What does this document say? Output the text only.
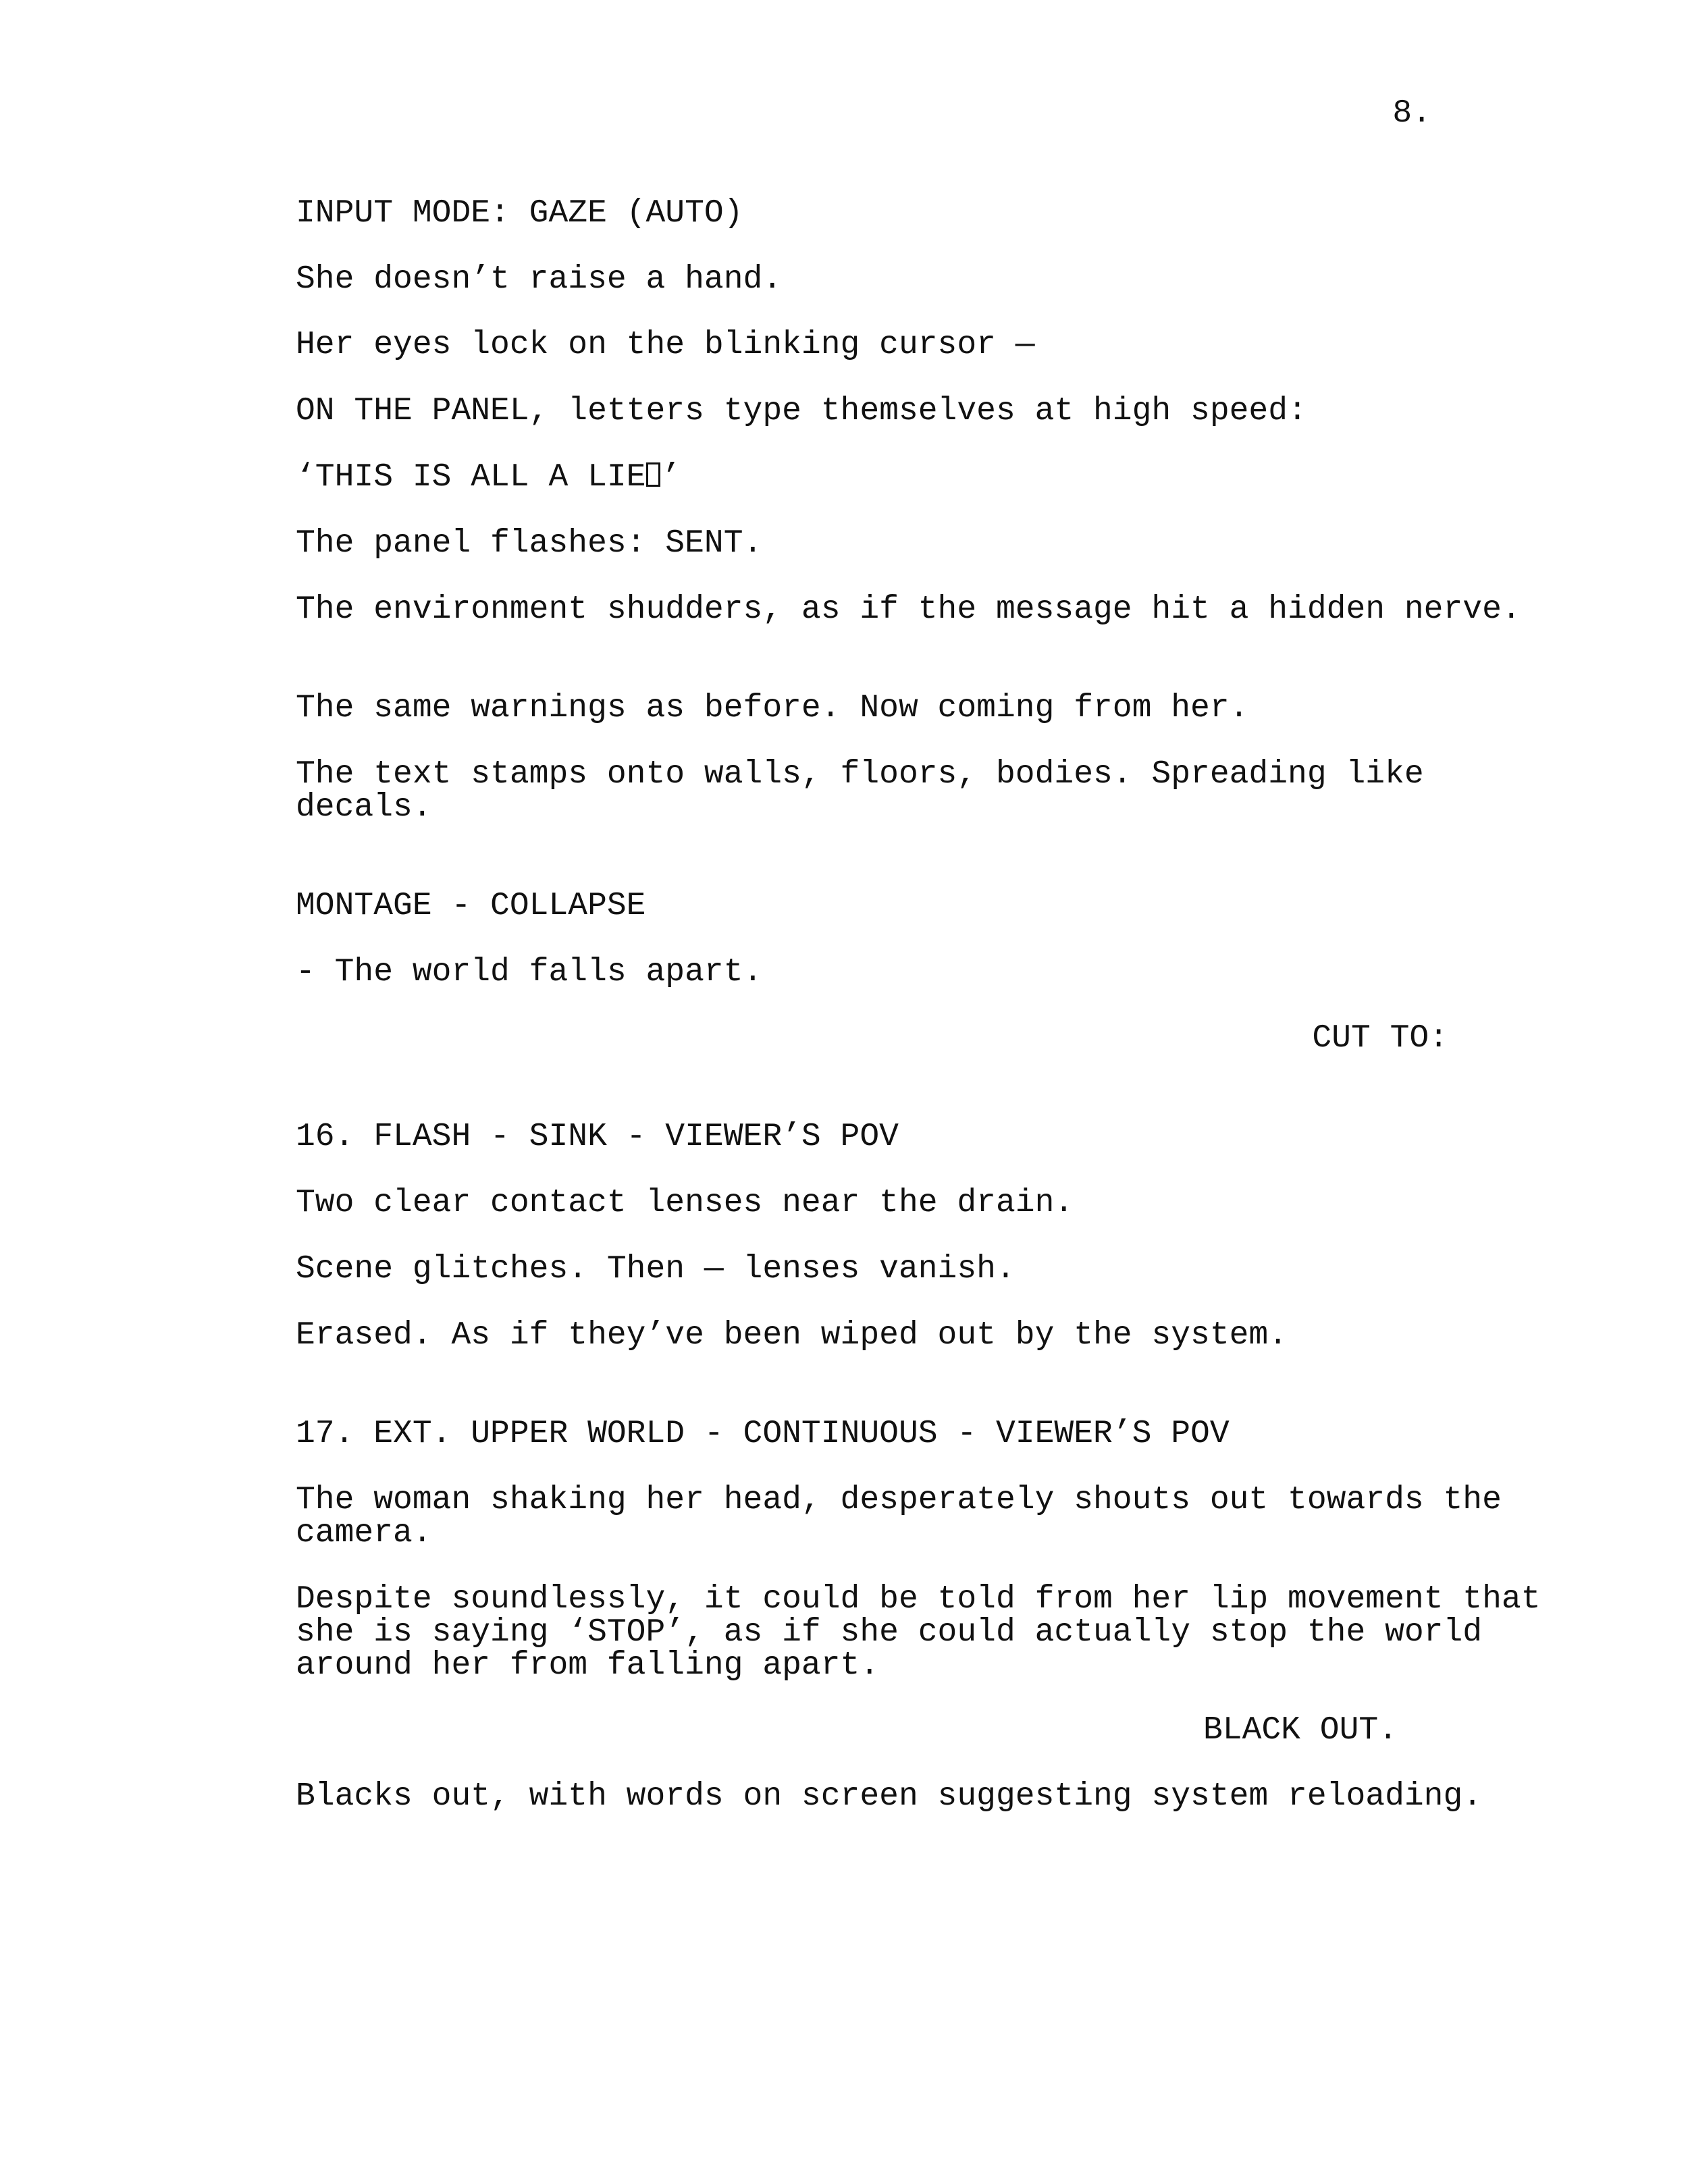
8.
INPUT MODE: GAZE (AUTO)
She doesn’t raise a hand.
Her eyes lock on the blinking cursor —
ON THE PANEL, letters type themselves at high speed:
‘THIS IS ALL A LIE ’
The panel flashes: SENT.
The environment shudders, as if the message hit a hidden nerve.
The same warnings as before. Now coming from her.
The text stamps onto walls, floors, bodies. Spreading like decals.
MONTAGE - COLLAPSE
- The world falls apart.
CUT TO:
16. FLASH - SINK - VIEWER’S POV
Two clear contact lenses near the drain.
Scene glitches. Then — lenses vanish.
Erased. As if they’ve been wiped out by the system.
17. EXT. UPPER WORLD - CONTINUOUS - VIEWER’S POV
The woman shaking her head, desperately shouts out towards the camera.
Despite soundlessly, it could be told from her lip movement that she is saying ‘STOP’, as if she could actually stop the world around her from falling apart.
BLACK OUT.
Blacks out, with words on screen suggesting system reloading.
